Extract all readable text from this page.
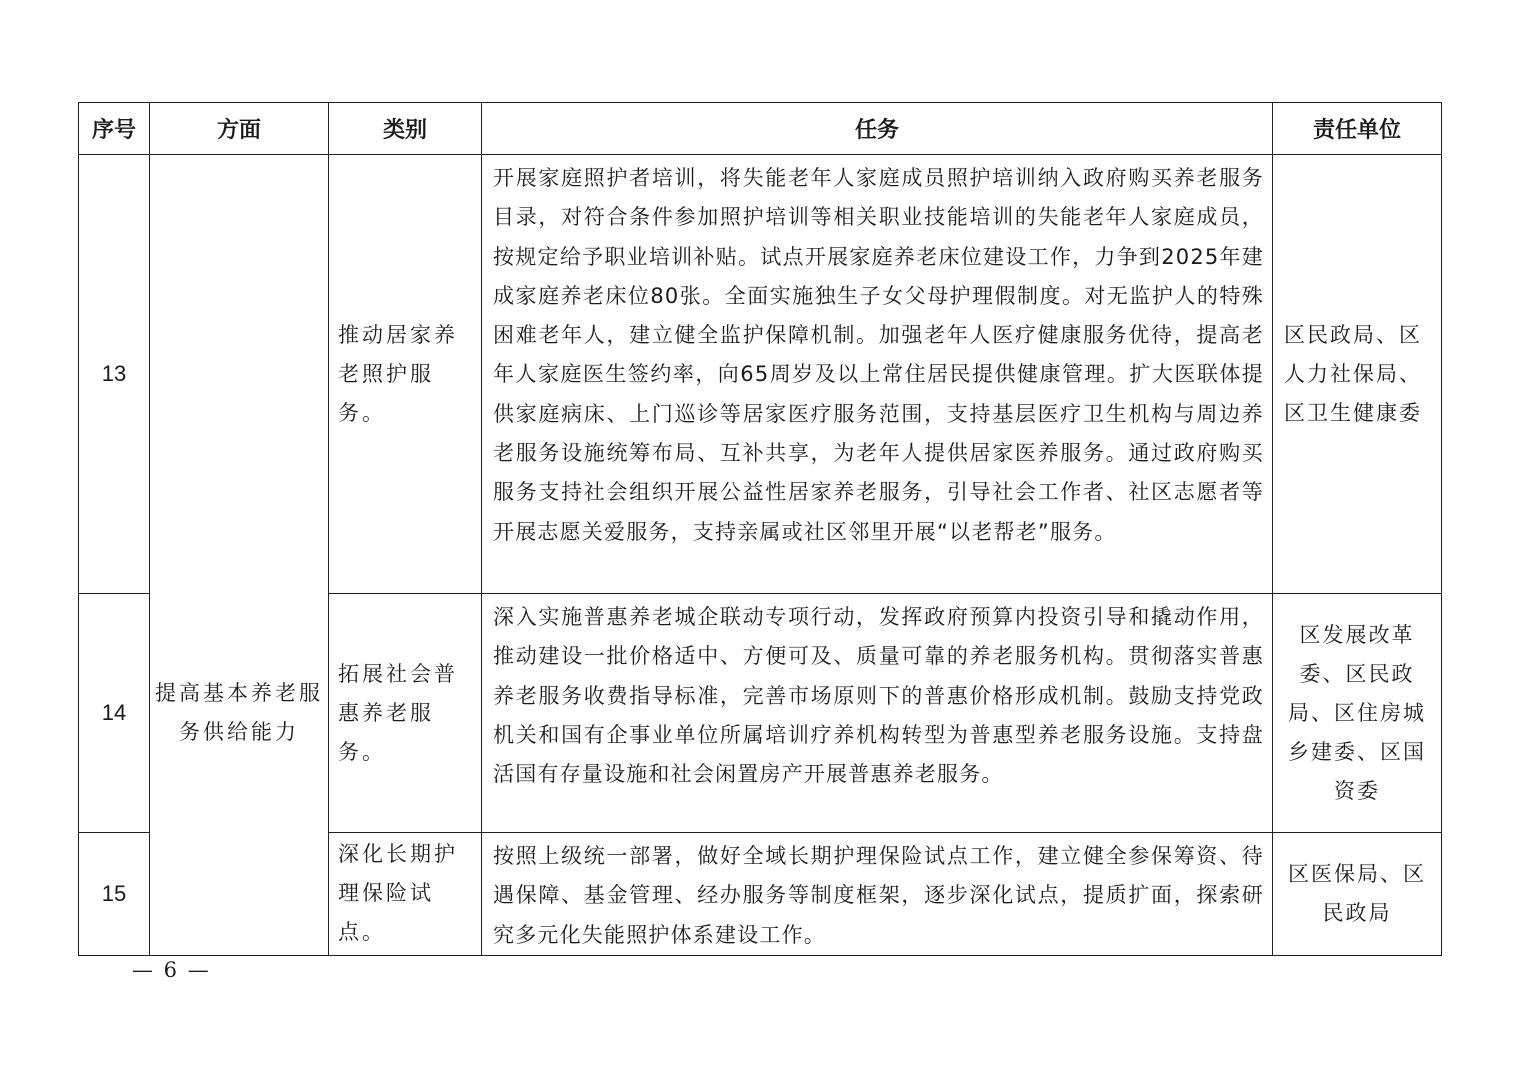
序号	方面	类别	任务	责任单位
13	提高基本养老服务供给能力	推动居家养老照护服务。	开展家庭照护者培训，将失能老年人家庭成员照护培训纳入政府购买养老服务目录，对符合条件参加照护培训等相关职业技能培训的失能老年人家庭成员，按规定给予职业培训补贴。试点开展家庭养老床位建设工作，力争到2025年建成家庭养老床位80张。全面实施独生子女父母护理假制度。对无监护人的特殊困难老年人，建立健全监护保障机制。加强老年人医疗健康服务优待，提高老年人家庭医生签约率，向65周岁及以上常住居民提供健康管理。扩大医联体提供家庭病床、上门巡诊等居家医疗服务范围，支持基层医疗卫生机构与周边养老服务设施统筹布局、互补共享，为老年人提供居家医养服务。通过政府购买服务支持社会组织开展公益性居家养老服务，引导社会工作者、社区志愿者等开展志愿关爱服务，支持亲属或社区邻里开展“以老帮老”服务。	区民政局、区人力社保局、区卫生健康委
14		拓展社会普惠养老服务。	深入实施普惠养老城企联动专项行动，发挥政府预算内投资引导和撬动作用，推动建设一批价格适中、方便可及、质量可靠的养老服务机构。贯彻落实普惠养老服务收费指导标准，完善市场原则下的普惠价格形成机制。鼓励支持党政机关和国有企事业单位所属培训疗养机构转型为普惠型养老服务设施。支持盘活国有存量设施和社会闲置房产开展普惠养老服务。	区发展改革委、区民政局、区住房城乡建委、区国资委
15		深化长期护理保险试点。	按照上级统一部署，做好全域长期护理保险试点工作，建立健全参保筹资、待遇保障、基金管理、经办服务等制度框架，逐步深化试点，提质扩面，探索研究多元化失能照护体系建设工作。	区医保局、区民政局
— 6 —
